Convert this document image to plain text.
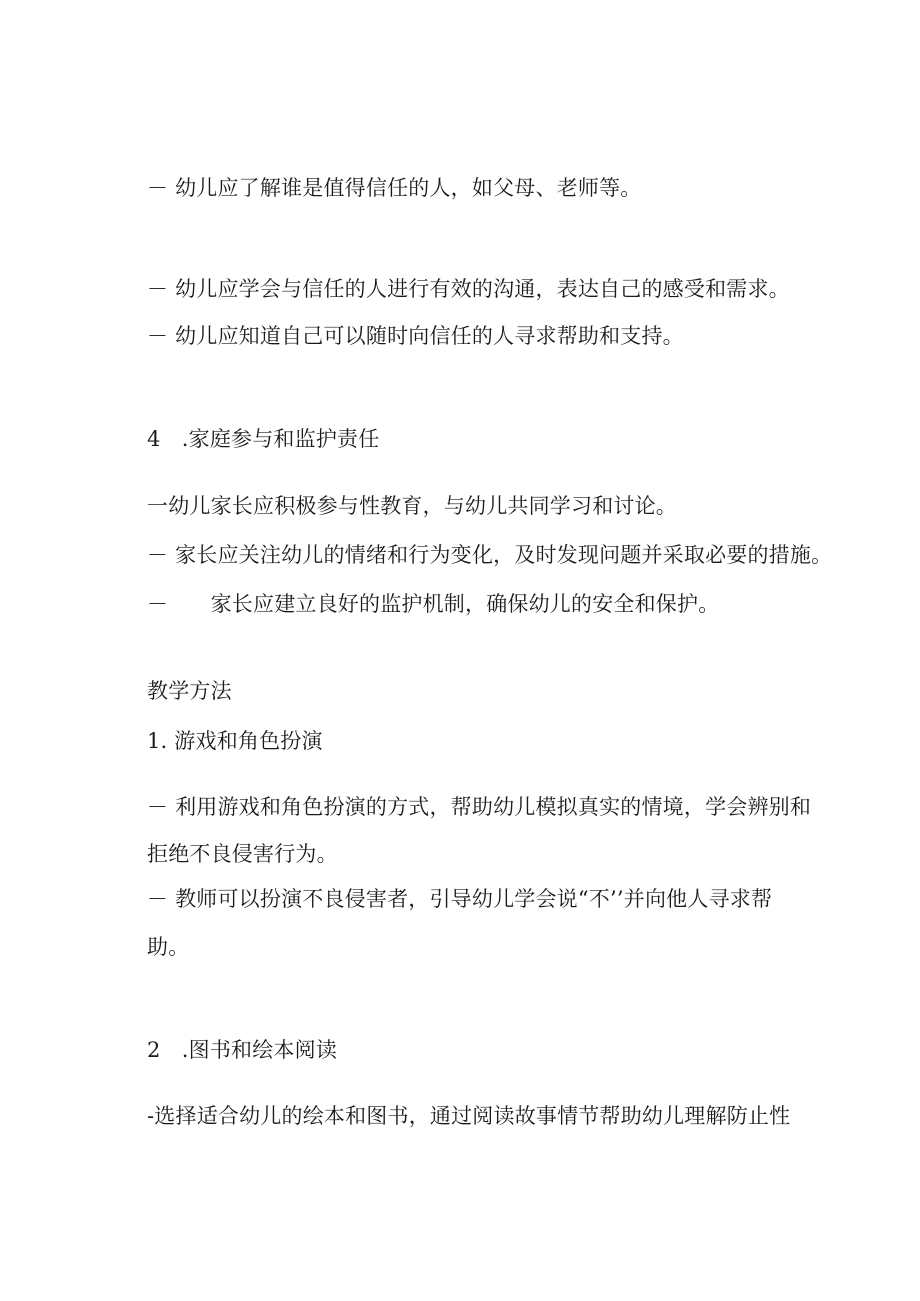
－ 幼儿应了解谁是值得信任的人，如父母、老师等。
－ 幼儿应学会与信任的人进行有效的沟通，表达自己的感受和需求。
－ 幼儿应知道自己可以随时向信任的人寻求帮助和支持。
4　.家庭参与和监护责任
一幼儿家长应积极参与性教育，与幼儿共同学习和讨论。
－ 家长应关注幼儿的情绪和行为变化，及时发现问题并采取必要的措施。
－　　家长应建立良好的监护机制，确保幼儿的安全和保护。
教学方法
1. 游戏和角色扮演
－ 利用游戏和角色扮演的方式，帮助幼儿模拟真实的情境，学会辨别和
拒绝不良侵害行为。
－ 教师可以扮演不良侵害者，引导幼儿学会说“不’’并向他人寻求帮
助。
2　.图书和绘本阅读
-选择适合幼儿的绘本和图书，通过阅读故事情节帮助幼儿理解防止性
